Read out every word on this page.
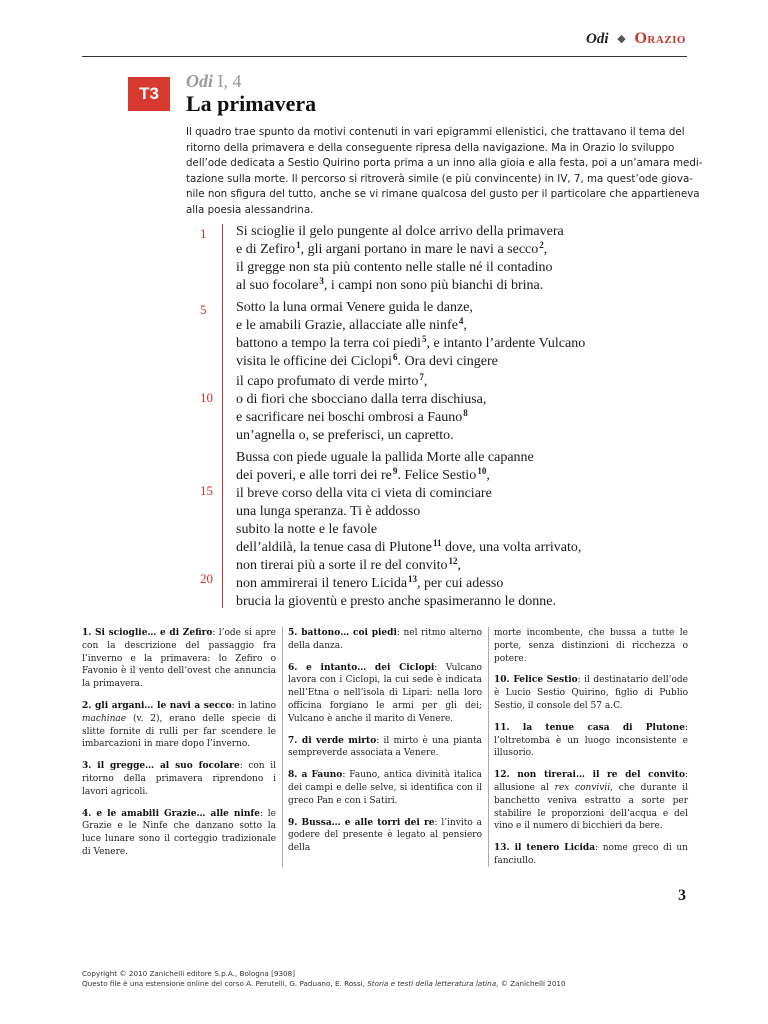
Odi ◆ Orazio
T3
Odi I, 4
La primavera
Il quadro trae spunto da motivi contenuti in vari epigrammi ellenistici, che trattavano il tema del
ritorno della primavera e della conseguente ripresa della navigazione. Ma in Orazio lo sviluppo
dell’ode dedicata a Sestio Quirino porta prima a un inno alla gioia e alla festa, poi a un’amara medi-
tazione sulla morte. Il percorso si ritroverà simile (e più convincente) in IV, 7, ma quest’ode giova-
nile non sfigura del tutto, anche se vi rimane qualcosa del gusto per il particolare che appartieneva
alla poesia alessandrina.
1
5
10
15
20
Si scioglie il gelo pungente al dolce arrivo della primavera
e di Zefiro$^1$, gli argani portano in mare le navi a secco$^2$,
il gregge non sta più contento nelle stalle né il contadino
al suo focolare$^3$, i campi non sono più bianchi di brina.
Sotto la luna ormai Venere guida le danze,
e le amabili Grazie, allacciate alle ninfe$^4$,
battono a tempo la terra coi piedi$^5$, e intanto l’ardente Vulcano
visita le officine dei Ciclopi$^6$. Ora devi cingere
il capo profumato di verde mirto$^7$,
o di fiori che sbocciano dalla terra dischiusa,
e sacrificare nei boschi ombrosi a Fauno$^8$
un’agnella o, se preferisci, un capretto.
Bussa con piede uguale la pallida Morte alle capanne
dei poveri, e alle torri dei $re^9$. Felice Sestio$^{10}$,
il breve corso della vita ci vieta di cominciare
una lunga speranza. Ti è addosso
subito la notte e le favole
dell’aldilà, la tenue casa di Plutone$^{11}$ dove, una volta arrivato,
non tirerai più a sorte il re del convito$^{12}$,
non ammirerai il tenero Licida$^{13}$, per cui adesso
brucia la gioventù e presto anche spasimeranno le donne.
1. Si scioglie… e di Zefiro: l’ode si apre con la descrizione del passaggio fra l’inverno e la primavera: lo Zefiro o Favonio è il vento dell’ovest che annuncia la primavera.
2. gli argani… le navi a secco: in latino machinae (v. 2), erano delle specie di slitte fornite di rulli per far scendere le imbarcazioni in mare dopo l’inverno.
3. il gregge… al suo focolare: con il ritorno della primavera riprendono i lavori agricoli.
4. e le amabili Grazie… alle ninfe: le Grazie e le Ninfe che danzano sotto la luce lunare sono il corteggio tradizionale di Venere.
5. battono… coi piedi: nel ritmo alterno della danza.
6. e intanto… dei Ciclopi: Vulcano lavora con i Ciclopi, la cui sede è indicata nell’Etna o nell’isola di Lipari: nella loro officina forgiano le armi per gli dei; Vulcano è anche il marito di Venere.
7. di verde mirto: il mirto è una pianta sempreverde associata a Venere.
8. a Fauno: Fauno, antica divinità italica dei campi e delle selve, si identifica con il greco Pan e con i Satiri.
9. Bussa… e alle torri dei re: l’invito a godere del presente è legato al pensiero della
morte incombente, che bussa a tutte le porte, senza distinzioni di ricchezza o potere.
10. Felice Sestio: il destinatario dell’ode è Lucio Sestio Quirino, figlio di Publio Sestio, il console del 57 a.C.
11. la tenue casa di Plutone: l’oltretomba è un luogo inconsistente e illusorio.
12. non tirerai… il re del convito: allusione al rex convivii, che durante il banchetto veniva estratto a sorte per stabilire le proporzioni dell’acqua e del vino e il numero di bicchieri da bere.
13. il tenero Licida: nome greco di un fanciullo.
3
Copyright © 2010 Zanichelli editore S.p.A., Bologna [9308]
Questo file è una estensione online del corso A. Perutelli, G. Paduano, E. Rossi, Storia e testi della letteratura latina, © Zanichelli 2010
